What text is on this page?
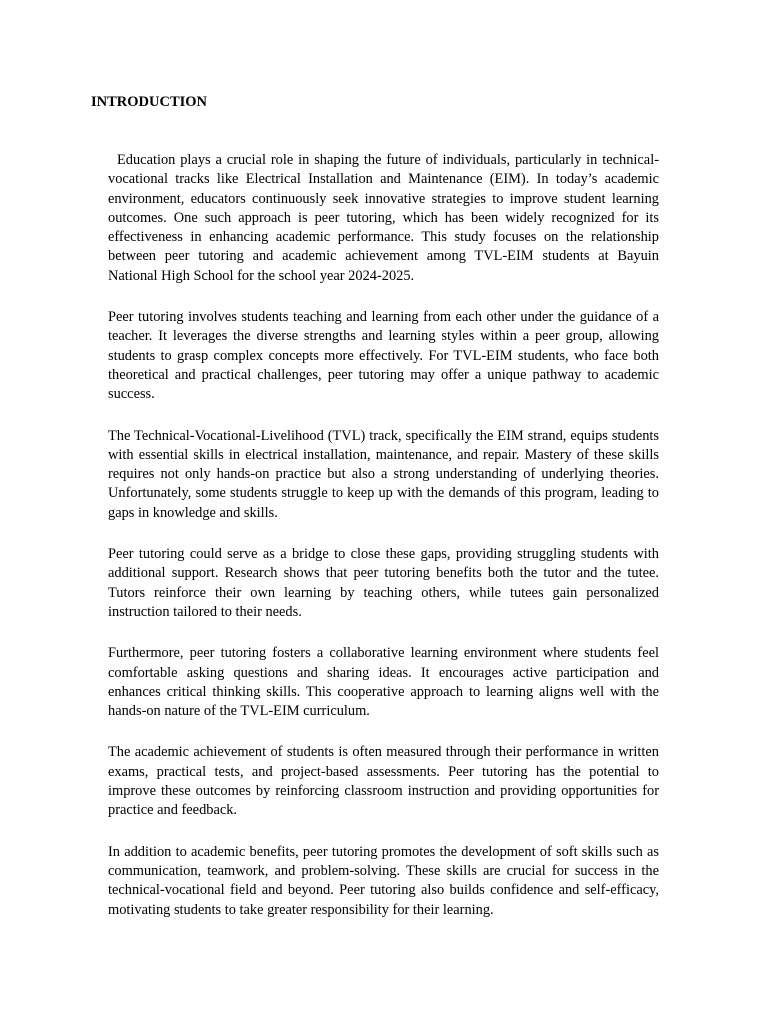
INTRODUCTION

Education plays a crucial role in shaping the future of individuals, particularly in technical-vocational tracks like Electrical Installation and Maintenance (EIM). In today’s academic environment, educators continuously seek innovative strategies to improve student learning outcomes. One such approach is peer tutoring, which has been widely recognized for its effectiveness in enhancing academic performance. This study focuses on the relationship between peer tutoring and academic achievement among TVL-EIM students at Bayuin National High School for the school year 2024-2025.

Peer tutoring involves students teaching and learning from each other under the guidance of a teacher. It leverages the diverse strengths and learning styles within a peer group, allowing students to grasp complex concepts more effectively. For TVL-EIM students, who face both theoretical and practical challenges, peer tutoring may offer a unique pathway to academic success.

The Technical-Vocational-Livelihood (TVL) track, specifically the EIM strand, equips students with essential skills in electrical installation, maintenance, and repair. Mastery of these skills requires not only hands-on practice but also a strong understanding of underlying theories. Unfortunately, some students struggle to keep up with the demands of this program, leading to gaps in knowledge and skills.

Peer tutoring could serve as a bridge to close these gaps, providing struggling students with additional support. Research shows that peer tutoring benefits both the tutor and the tutee. Tutors reinforce their own learning by teaching others, while tutees gain personalized instruction tailored to their needs.

Furthermore, peer tutoring fosters a collaborative learning environment where students feel comfortable asking questions and sharing ideas. It encourages active participation and enhances critical thinking skills. This cooperative approach to learning aligns well with the hands-on nature of the TVL-EIM curriculum.

The academic achievement of students is often measured through their performance in written exams, practical tests, and project-based assessments. Peer tutoring has the potential to improve these outcomes by reinforcing classroom instruction and providing opportunities for practice and feedback.

In addition to academic benefits, peer tutoring promotes the development of soft skills such as communication, teamwork, and problem-solving. These skills are crucial for success in the technical-vocational field and beyond. Peer tutoring also builds confidence and self-efficacy, motivating students to take greater responsibility for their learning.
